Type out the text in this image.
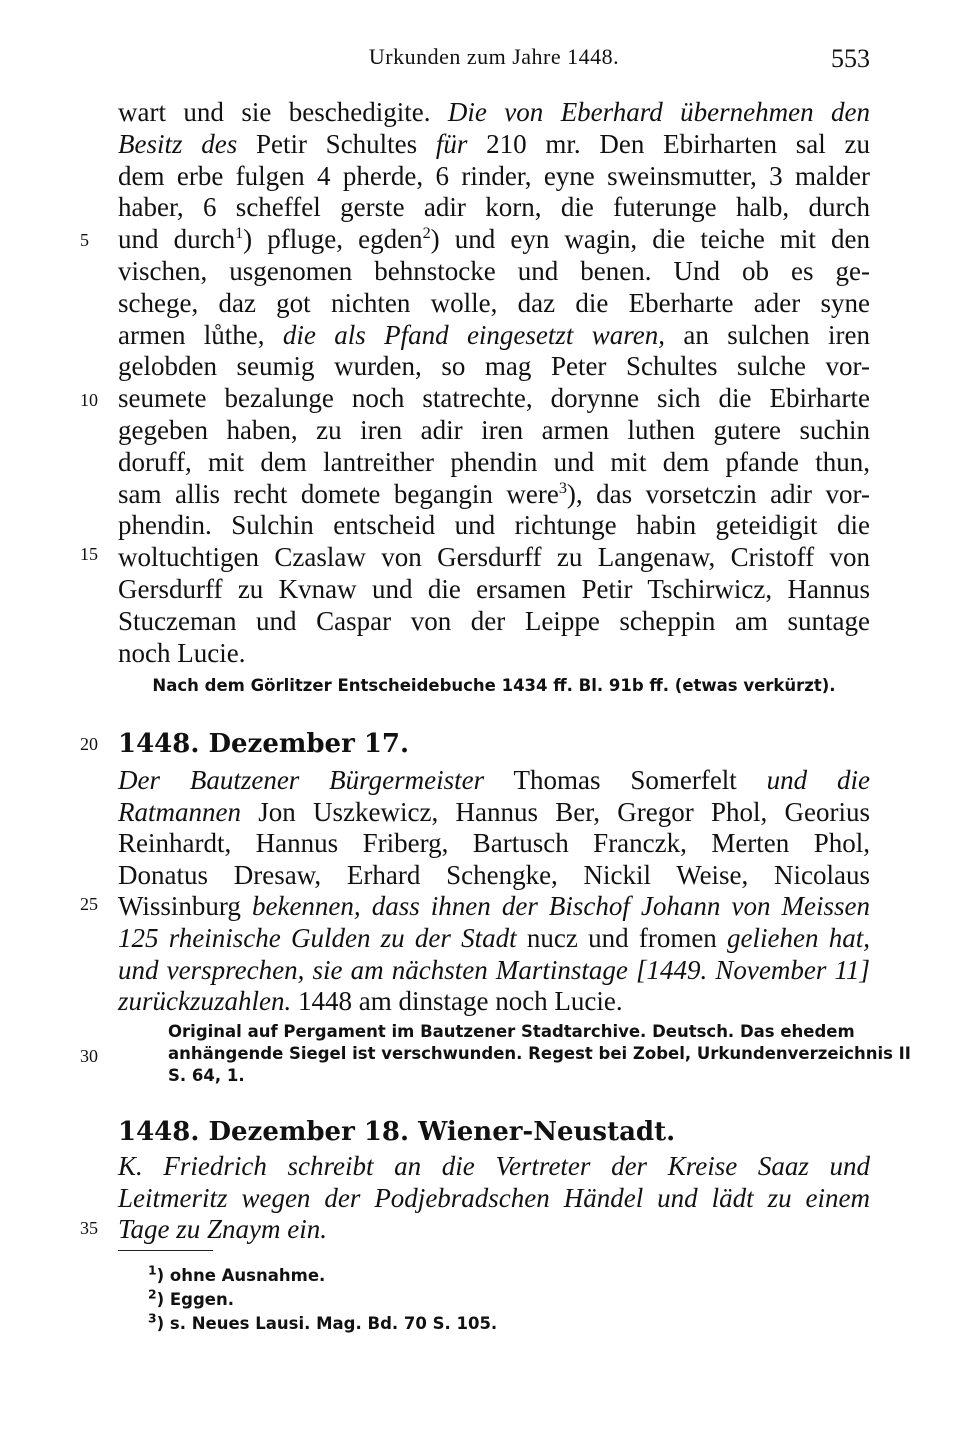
Urkunden zum Jahre 1448.	553
wart und sie beschedigite. Die von Eberhard übernehmen den
Besitz des Petir Schultes für 210 mr. Den Ebirharten sal zu
dem erbe fulgen 4 pherde, 6 rinder, eyne sweinsmutter, 3 malder
haber, 6 scheffel gerste adir korn, die futerunge halb, durch
und durch$^1$) pfluge, egden$^2$) und eyn wagin, die teiche mit den
vischen, usgenomen behnstocke und benen. Und ob es ge-
schege, daz got nichten wolle, daz die Eberharte ader syne
armen lůthe, die als Pfand eingesetzt waren, an sulchen iren
gelobden seumig wurden, so mag Peter Schultes sulche vor-
seumete bezalunge noch statrechte, dorynne sich die Ebirharte
gegeben haben, zu iren adir iren armen luthen gutere suchin
doruff, mit dem lantreither phendin und mit dem pfande thun,
sam allis recht domete begangin were$^3$), das vorsetczin adir vor-
phendin. Sulchin entscheid und richtunge habin geteidigit die
woltuchtigen Czaslaw von Gersdurff zu Langenaw, Cristoff von
Gersdurff zu Kvnaw und die ersamen Petir Tschirwicz, Hannus
Stuczeman und Caspar von der Leippe scheppin am suntage
noch Lucie.
Nach dem Görlitzer Entscheidebuche 1434 ff. Bl. 91b ff. (etwas verkürzt).
1448. Dezember 17.
Der Bautzener Bürgermeister Thomas Somerfelt und die
Ratmannen Jon Uszkewicz, Hannus Ber, Gregor Phol, Georius
Reinhardt, Hannus Friberg, Bartusch Franczk, Merten Phol,
Donatus Dresaw, Erhard Schengke, Nickil Weise, Nicolaus
Wissinburg bekennen, dass ihnen der Bischof Johann von Meissen
125 rheinische Gulden zu der Stadt nucz und fromen geliehen hat,
und versprechen, sie am nächsten Martinstage [1449. November 11]
zurückzuzahlen. 1448 am dinstage noch Lucie.
Original auf Pergament im Bautzener Stadtarchive. Deutsch. Das ehedem
anhängende Siegel ist verschwunden. Regest bei Zobel, Urkundenverzeichnis II
S. 64, 1.
1448. Dezember 18. Wiener-Neustadt.
K. Friedrich schreibt an die Vertreter der Kreise Saaz und
Leitmeritz wegen der Podjebradschen Händel und lädt zu einem
Tage zu Znaym ein.
$^1$) ohne Ausnahme.
$^2$) Eggen.
$^3$) s. Neues Lausi. Mag. Bd. 70 S. 105.
5
10
15
20
25
30
35
